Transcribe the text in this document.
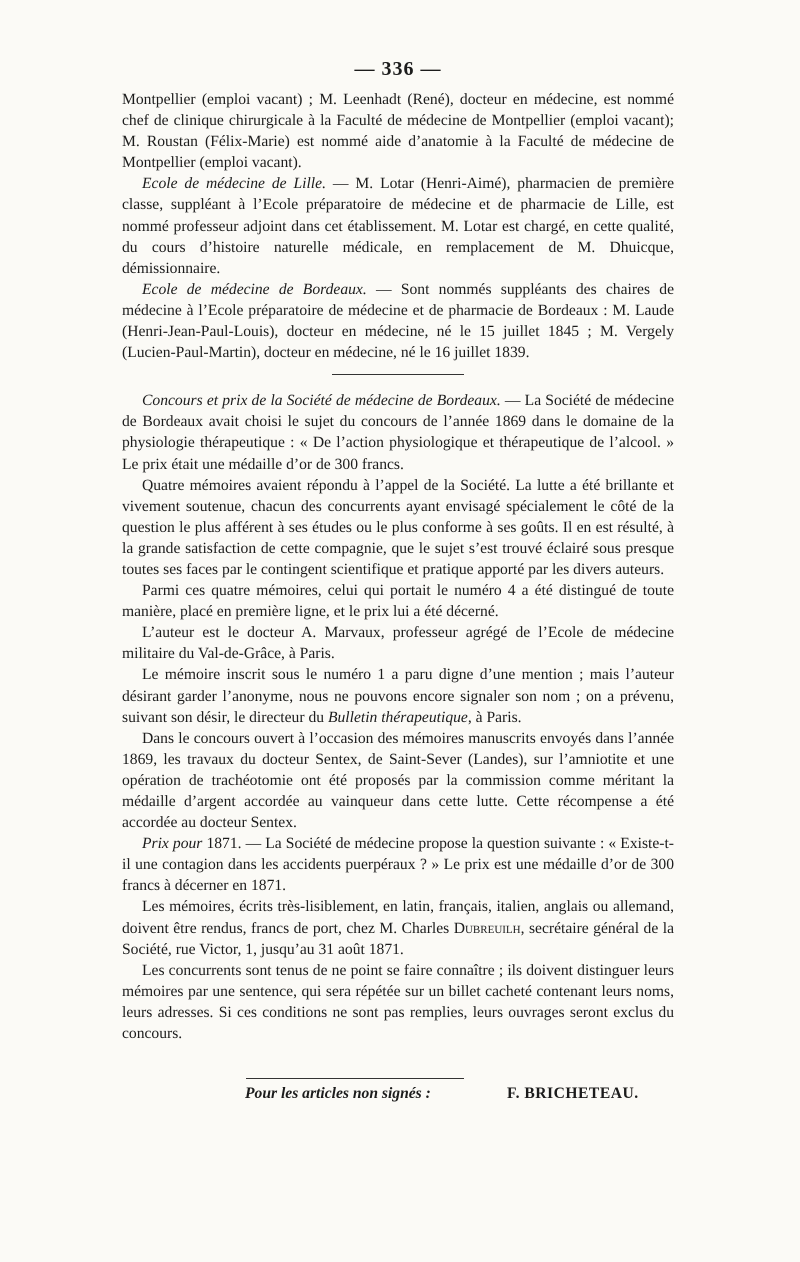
— 336 —

Montpellier (emploi vacant) ; M. Leenhadt (René), docteur en médecine, est nommé chef de clinique chirurgicale à la Faculté de médecine de Montpellier (emploi vacant); M. Roustan (Félix-Marie) est nommé aide d’anatomie à la Faculté de médecine de Montpellier (emploi vacant).

Ecole de médecine de Lille. — M. Lotar (Henri-Aimé), pharmacien de première classe, suppléant à l’Ecole préparatoire de médecine et de pharmacie de Lille, est nommé professeur adjoint dans cet établissement. M. Lotar est chargé, en cette qualité, du cours d’histoire naturelle médicale, en remplacement de M. Dhuicque, démissionnaire.

Ecole de médecine de Bordeaux. — Sont nommés suppléants des chaires de médecine à l’Ecole préparatoire de médecine et de pharmacie de Bordeaux : M. Laude (Henri-Jean-Paul-Louis), docteur en médecine, né le 15 juillet 1845 ; M. Vergely (Lucien-Paul-Martin), docteur en médecine, né le 16 juillet 1839.

Concours et prix de la Société de médecine de Bordeaux. — La Société de médecine de Bordeaux avait choisi le sujet du concours de l’année 1869 dans le domaine de la physiologie thérapeutique : « De l’action physiologique et thérapeutique de l’alcool. » Le prix était une médaille d’or de 300 francs.

Quatre mémoires avaient répondu à l’appel de la Société. La lutte a été brillante et vivement soutenue, chacun des concurrents ayant envisagé spécialement le côté de la question le plus afférent à ses études ou le plus conforme à ses goûts. Il en est résulté, à la grande satisfaction de cette compagnie, que le sujet s’est trouvé éclairé sous presque toutes ses faces par le contingent scientifique et pratique apporté par les divers auteurs.

Parmi ces quatre mémoires, celui qui portait le numéro 4 a été distingué de toute manière, placé en première ligne, et le prix lui a été décerné.

L’auteur est le docteur A. Marvaux, professeur agrégé de l’Ecole de médecine militaire du Val-de-Grâce, à Paris.

Le mémoire inscrit sous le numéro 1 a paru digne d’une mention ; mais l’auteur désirant garder l’anonyme, nous ne pouvons encore signaler son nom ; on a prévenu, suivant son désir, le directeur du Bulletin thérapeutique, à Paris.

Dans le concours ouvert à l’occasion des mémoires manuscrits envoyés dans l’année 1869, les travaux du docteur Sentex, de Saint-Sever (Landes), sur l’amniotite et une opération de trachéotomie ont été proposés par la commission comme méritant la médaille d’argent accordée au vainqueur dans cette lutte. Cette récompense a été accordée au docteur Sentex.

Prix pour 1871. — La Société de médecine propose la question suivante : « Existe-t-il une contagion dans les accidents puerpéraux ? » Le prix est une médaille d’or de 300 francs à décerner en 1871.

Les mémoires, écrits très-lisiblement, en latin, français, italien, anglais ou allemand, doivent être rendus, francs de port, chez M. Charles Dubreuilh, secrétaire général de la Société, rue Victor, 1, jusqu’au 31 août 1871.

Les concurrents sont tenus de ne point se faire connaître ; ils doivent distinguer leurs mémoires par une sentence, qui sera répétée sur un billet cacheté contenant leurs noms, leurs adresses. Si ces conditions ne sont pas remplies, leurs ouvrages seront exclus du concours.

Pour les articles non signés :	F. BRICHETEAU.
